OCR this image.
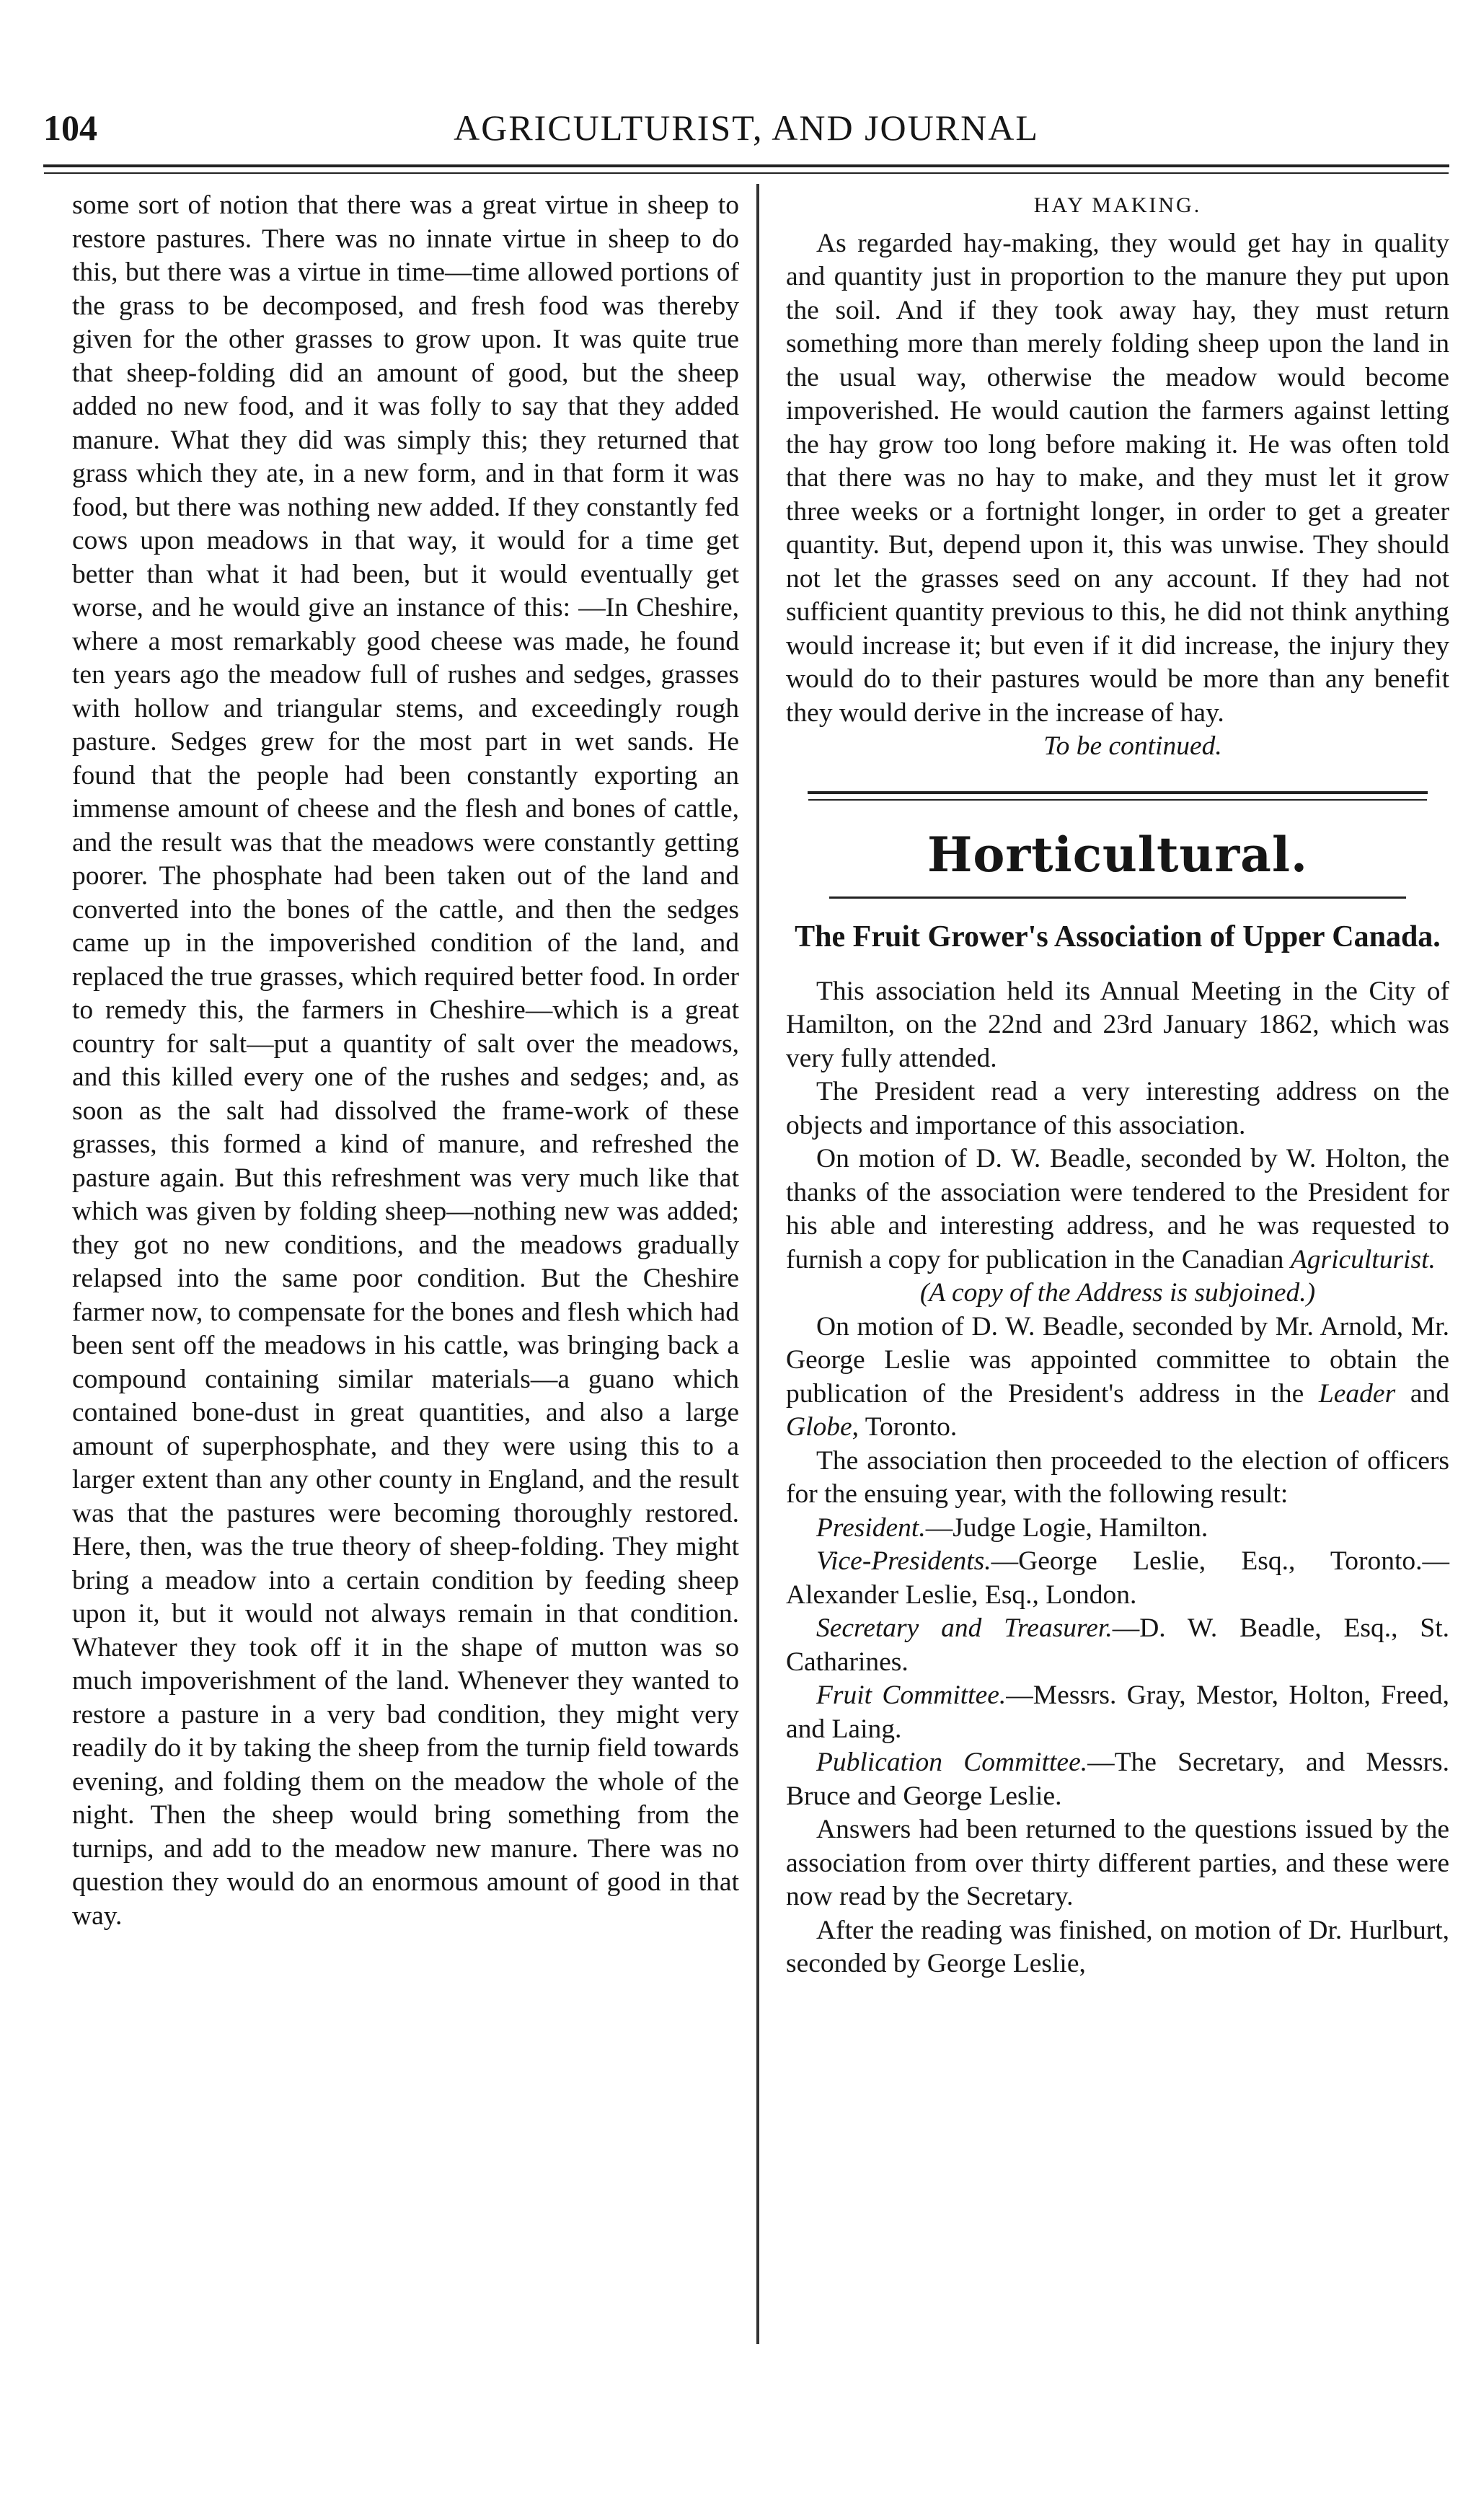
104	AGRICULTURIST, AND JOURNAL

some sort of notion that there was a great virtue in sheep to restore pastures. There was no innate virtue in sheep to do this, but there was a virtue in time—time allowed portions of the grass to be decomposed, and fresh food was thereby given for the other grasses to grow upon. It was quite true that sheep-folding did an amount of good, but the sheep added no new food, and it was folly to say that they added manure. What they did was simply this; they returned that grass which they ate, in a new form, and in that form it was food, but there was nothing new added. If they constantly fed cows upon meadows in that way, it would for a time get better than what it had been, but it would eventually get worse, and he would give an instance of this: —In Cheshire, where a most remarkably good cheese was made, he found ten years ago the meadow full of rushes and sedges, grasses with hollow and triangular stems, and exceedingly rough pasture. Sedges grew for the most part in wet sands. He found that the people had been constantly exporting an immense amount of cheese and the flesh and bones of cattle, and the result was that the meadows were constantly getting poorer. The phosphate had been taken out of the land and converted into the bones of the cattle, and then the sedges came up in the impoverished condition of the land, and replaced the true grasses, which required better food. In order to remedy this, the farmers in Cheshire—which is a great country for salt—put a quantity of salt over the meadows, and this killed every one of the rushes and sedges; and, as soon as the salt had dissolved the frame-work of these grasses, this formed a kind of manure, and refreshed the pasture again. But this refreshment was very much like that which was given by folding sheep—nothing new was added; they got no new conditions, and the meadows gradually relapsed into the same poor condition. But the Cheshire farmer now, to compensate for the bones and flesh which had been sent off the meadows in his cattle, was bringing back a compound containing similar materials—a guano which contained bone-dust in great quantities, and also a large amount of superphosphate, and they were using this to a larger extent than any other county in England, and the result was that the pastures were becoming thoroughly restored. Here, then, was the true theory of sheep-folding. They might bring a meadow into a certain condition by feeding sheep upon it, but it would not always remain in that condition. Whatever they took off it in the shape of mutton was so much impoverishment of the land. Whenever they wanted to restore a pasture in a very bad condition, they might very readily do it by taking the sheep from the turnip field towards evening, and folding them on the meadow the whole of the night. Then the sheep would bring something from the turnips, and add to the meadow new manure. There was no question they would do an enormous amount of good in that way.

HAY MAKING.

As regarded hay-making, they would get hay in quality and quantity just in proportion to the manure they put upon the soil. And if they took away hay, they must return something more than merely folding sheep upon the land in the usual way, otherwise the meadow would become impoverished. He would caution the farmers against letting the hay grow too long before making it. He was often told that there was no hay to make, and they must let it grow three weeks or a fortnight longer, in order to get a greater quantity. But, depend upon it, this was unwise. They should not let the grasses seed on any account. If they had not sufficient quantity previous to this, he did not think anything would increase it; but even if it did increase, the injury they would do to their pastures would be more than any benefit they would derive in the increase of hay.

To be continued.

Horticultural.
The Fruit Grower's Association of Upper Canada.

This association held its Annual Meeting in the City of Hamilton, on the 22nd and 23rd January 1862, which was very fully attended.

The President read a very interesting address on the objects and importance of this association.

On motion of D. W. Beadle, seconded by W. Holton, the thanks of the association were tendered to the President for his able and interesting address, and he was requested to furnish a copy for publication in the Canadian Agriculturist.

(A copy of the Address is subjoined.)

On motion of D. W. Beadle, seconded by Mr. Arnold, Mr. George Leslie was appointed committee to obtain the publication of the President's address in the Leader and Globe, Toronto.

The association then proceeded to the election of officers for the ensuing year, with the following result:

President.—Judge Logie, Hamilton.

Vice-Presidents.—George Leslie, Esq., Toronto.—Alexander Leslie, Esq., London.

Secretary and Treasurer.—D. W. Beadle, Esq., St. Catharines.

Fruit Committee.—Messrs. Gray, Mestor, Holton, Freed, and Laing.

Publication Committee.—The Secretary, and Messrs. Bruce and George Leslie.

Answers had been returned to the questions issued by the association from over thirty different parties, and these were now read by the Secretary.

After the reading was finished, on motion of Dr. Hurlburt, seconded by George Leslie,
